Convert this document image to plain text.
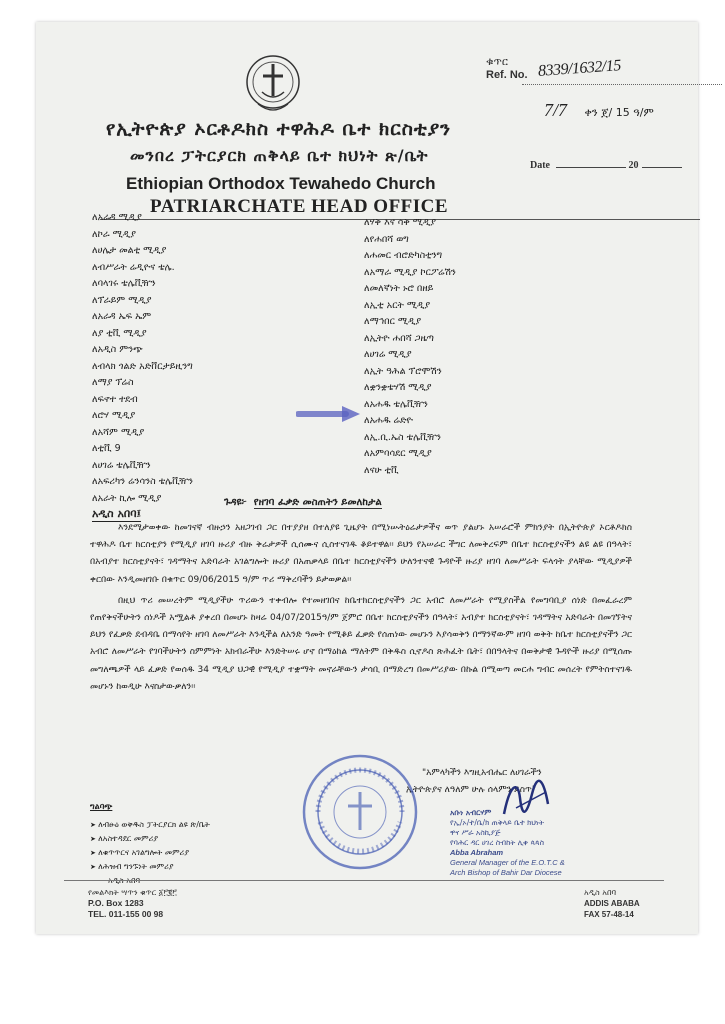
ቁጥር
Ref. No. 8339/1632/15
7/7 ቀን ጀ/ 15 ዓ/ም
Date	20
የኢትዮጵያ ኦርቶዶክስ ተዋሕዶ ቤተ ክርስቲያን
መንበረ ፓትርያርክ ጠቅላይ ቤተ ክህነት ጽ/ቤት
Ethiopian Orthodox Tewahedo Church
PATRIARCHATE HEAD OFFICE
ለአራዳ ሚዲያ
ለኮራ ሚዲያ
ለሀሌታ መልቲ ሚዲያ
ለብሥራት ሬዲዮና ቴሌ.
ለባላገሩ ቴሌቪዥን
ለፕራይም ሚዲያ
ለአራዳ ኤፍ ኤም
ለያ ቲቪ ሚዲያ
ለአዲስ ምንጭ
ለብላክ ጎልድ አድቨርታይዚንግ
ለማያ ፕሬስ
ለፍኖተ ተደብ
ለሮሃ ሚዲያ
ለአሻም ሚዲያ
ለቲቪ 9
ለሀገሬ ቴሌቪዥን
ለአፍሪካን ሬንሳንስ ቴሌቪዥን
ለአራት ኪሎ ሚዲያ
አዲስ አበባ፤
ለሃቅ እና ሳቅ ሚዲያ
ለየሐበሻ ወግ
ለሐመር ብሮድካስቲንግ
ለአማራ ሚዲያ ኮርፖሬሽን
ለመለኛነት ኑሮ በዘይ
ለኢቲ አርት ሚዲያ
ለማኅበር ሚዲያ
ለኢትዮ ሐበሻ ጋዜጣ
ለሀገሬ ሚዲያ
ለኢት ዓሕል ፕሮሞሽን
ለቋንቋቴሃሽ ሚዲያ
ለአሐዱ ቴሌቪዥን
ለአሐዱ ሬድዮ
ለኢ.ቢ.ኤስ ቴሌቪዥን
ለአምባሳደር ሚዲያ
ለናሁ ቲቪ
ጉዳዩ፦ የዘገባ ፈቃድ መስጠትን ይመለከታል

እንደሚታወቀው ከመገናኛ ብዙኃን አዘጋገብ ጋር በተያያዘ በተለያዩ ጊዜያት በሚነሡትዕሬታዎችና ወጥ ያልሆኑ አሠራሮች ምክንያት በኢትዮጵያ ኦርቶዶክስ ተዋሕዶ ቤተ ክርስቲያን የሚዲያ ዘገባ ዙሪያ ብዙ ቅሬታዎች ሲሰሙና ሲስተናገዱ ቆይተዋል፡፡ ይህን የአሠራር ችግር ለመቅረፍም በቤተ ክርስቲያናችን ልዩ ልዩ በዓላት፣ በአብያተ ክርስቲያናት፣ ገዳማትና አድባራት አገልግሎት ዙሪያ በአጠቃላይ በቤተ ክርስቲያናችን ሁለንተናዊ ጉዳዮች ዙሪያ ዘገባ ለመሥራት ፍላጎት ያላቸው ሚዲያዎች ቀርበው እንዲመዘገቡ በቁጥር 09/06/2015 ዓ/ም ጥሪ ማቅረባችን ይታወቃል፡፡

በዚህ ጥሪ መሠረትም ሚዲያችሁ ጥሪውን ተቀብሎ የተመዘገበና ከቤተክርስቲያናችን ጋር አብሮ ለመሥራት የሚያስችል የመግባቢያ ሰነድ በመፈራረም የጠየቅናችሁትን ሰነዶች አሟልቶ ያቀረበ በመሆኑ ከዛሬ 04/07/2015ዓ/ም ጀምሮ በቤተ ክርስቲያናችን በዓላት፣ አብያተ ክርስቲያናት፣ ገዳማትና አድባራት በመገኘትና ይህን የፈቃድ ደብዳቤ በማሳየት ዘገባ ለመሥራት እንዲችል ለአንድ ዓመት የሚቆይ ፈቃድ የሰጠነው መሆኑን እያሳወቅን በማንኛውም ዘገባ ወቅት ከቤተ ክርስቲያናችን ጋር አብሮ ለመሥራት የገባችሁትን ስምምነት አክብራችሁ እንድትሠሩ ሆኖ በማዕከል ማለትም በቅዱስ ሲኖዶስ ጽሕፈት ቤት፣ በበዓላትና በወቅታዊ ጉዳዮች ዙሪያ በሚሰጡ መግለጫዎች ላይ ፈቃድ የወሰዱ 34 ሚዲያ ህጋዊ የሚዲያ ተቋማት መኖራቸውን ታሳቢ በማድረግ በመሥሪያው በኩል በሚወጣ መርሐ ግብር መሰረት የምትስተናገዱ መሆኑን ከወዲሁ እናስታውቃለን፡፡

"አምላካችን እግዚአብሔር ለሀገራችን
ኢትዮጵያና ለዓለም ሁሉ ሰላምን ይስጥ"
አቡነ አብርሃም
የኢ/ኦ/ተ/ቤ/ክ ጠቅላይ ቤተ ክህነት
ዋና ሥራ አስኪያጅ
የባሕር ዳር ሀገረ ስብከት ሊቀ ጳጳስ
Abba Abraham
General Manager of the E.O.T.C &
Arch Bishop of Bahir Dar Diocese
ግልባጭ
➤ ለብፁዕ ወቅዱስ ፓትርያርክ ልዩ ጽ/ቤት
➤ ለአስተዳደር መምሪያ
➤ ለቁጥጥርና አገልግሎት መምሪያ
➤ ለሕዝብ ግንኙነት መምሪያ
አዲስ አበባ
የመልእክት ሣጥን ቁጥር ፩፫፪፫
P.O. Box 1283
TEL. 011-155 00 98
አዲስ አበባ
ADDIS ABABA
FAX 57-48-14
